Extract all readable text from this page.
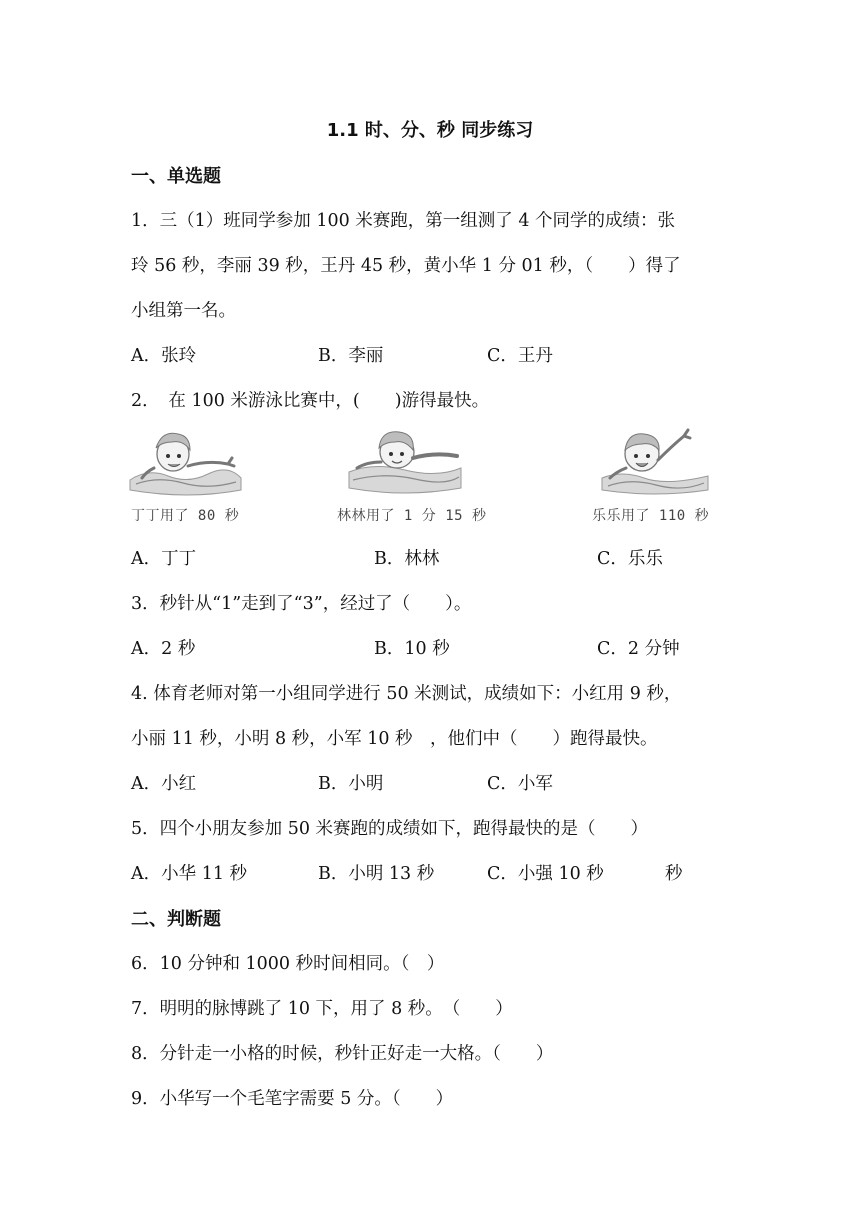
1.1 时、分、秒 同步练习
一、单选题
1．三（1）班同学参加 100 米赛跑，第一组测了 4 个同学的成绩：张
玲 56 秒，李丽 39 秒，王丹 45 秒，黄小华 1 分 01 秒，（　　）得了
小组第一名。
A．张玲	B．李丽	C．王丹
2．　在 100 米游泳比赛中，(　　)游得最快。
丁丁用了 80 秒	林林用了 1 分 15 秒	乐乐用了 110 秒
A．丁丁	B．林林	C．乐乐
3．秒针从“1”走到了“3”，经过了（　　）。
A．2 秒	B．10 秒	C．2 分钟
4. 体育老师对第一小组同学进行 50 米测试，成绩如下：小红用 9 秒，
小丽 11 秒，小明 8 秒，小军 10 秒　，他们中（　　）跑得最快。
A．小红	B．小明	C．小军
5．四个小朋友参加 50 米赛跑的成绩如下，跑得最快的是（　　）
A．小华 11 秒	B．小明 13 秒	C．小强 10 秒	秒
二、判断题
6．10 分钟和 1000 秒时间相同。（　）
7．明明的脉博跳了 10 下，用了 8 秒。　（　　）
8．分针走一小格的时候，秒针正好走一大格。（　　）
9．小华写一个毛笔字需要 5 分。（　　）
